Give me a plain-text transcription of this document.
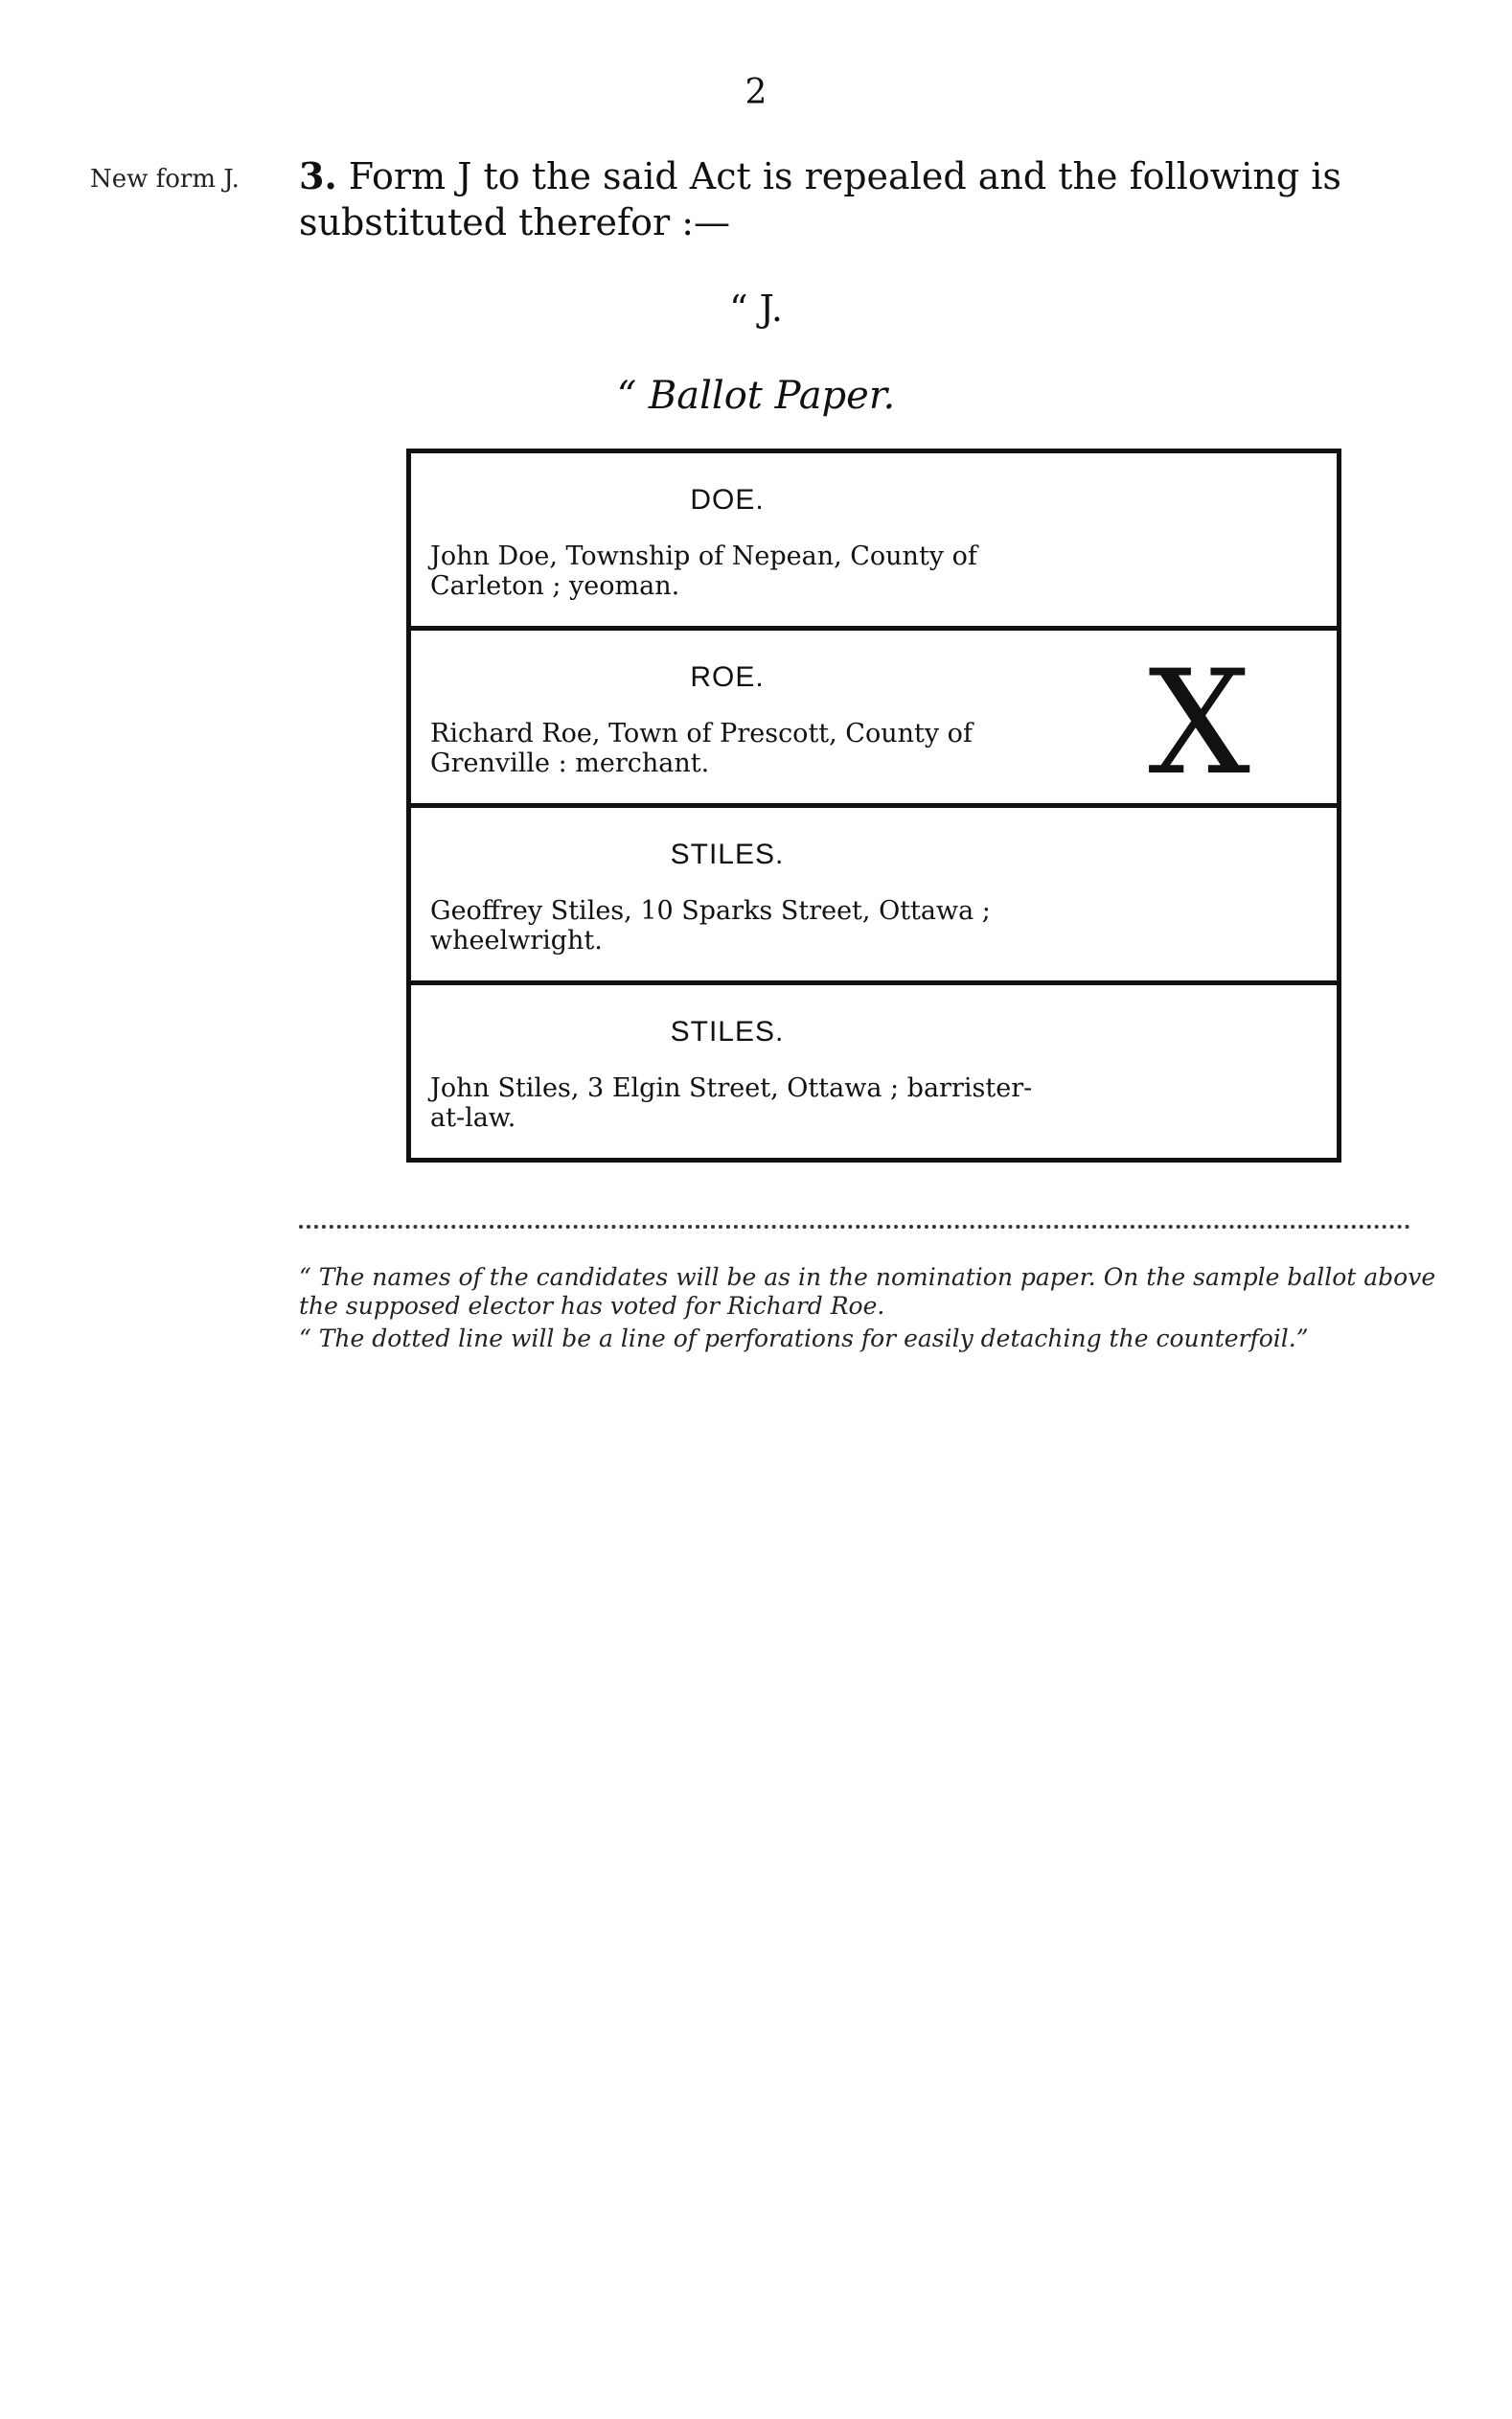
2
New form J. 3. Form J to the said Act is repealed and the following is substituted therefor :—
“ J.
“ Ballot Paper.
DOE.
John Doe, Township of Nepean, County of Carleton ; yeoman.
ROE.
Richard Roe, Town of Prescott, County of Grenville : merchant.	X
STILES.
Geoffrey Stiles, 10 Sparks Street, Ottawa ; wheelwright.
STILES.
John Stiles, 3 Elgin Street, Ottawa ; barrister-at-law.
“ The names of the candidates will be as in the nomination paper. On the sample ballot above the supposed elector has voted for Richard Roe.
“ The dotted line will be a line of perforations for easily detaching the counterfoil.”
